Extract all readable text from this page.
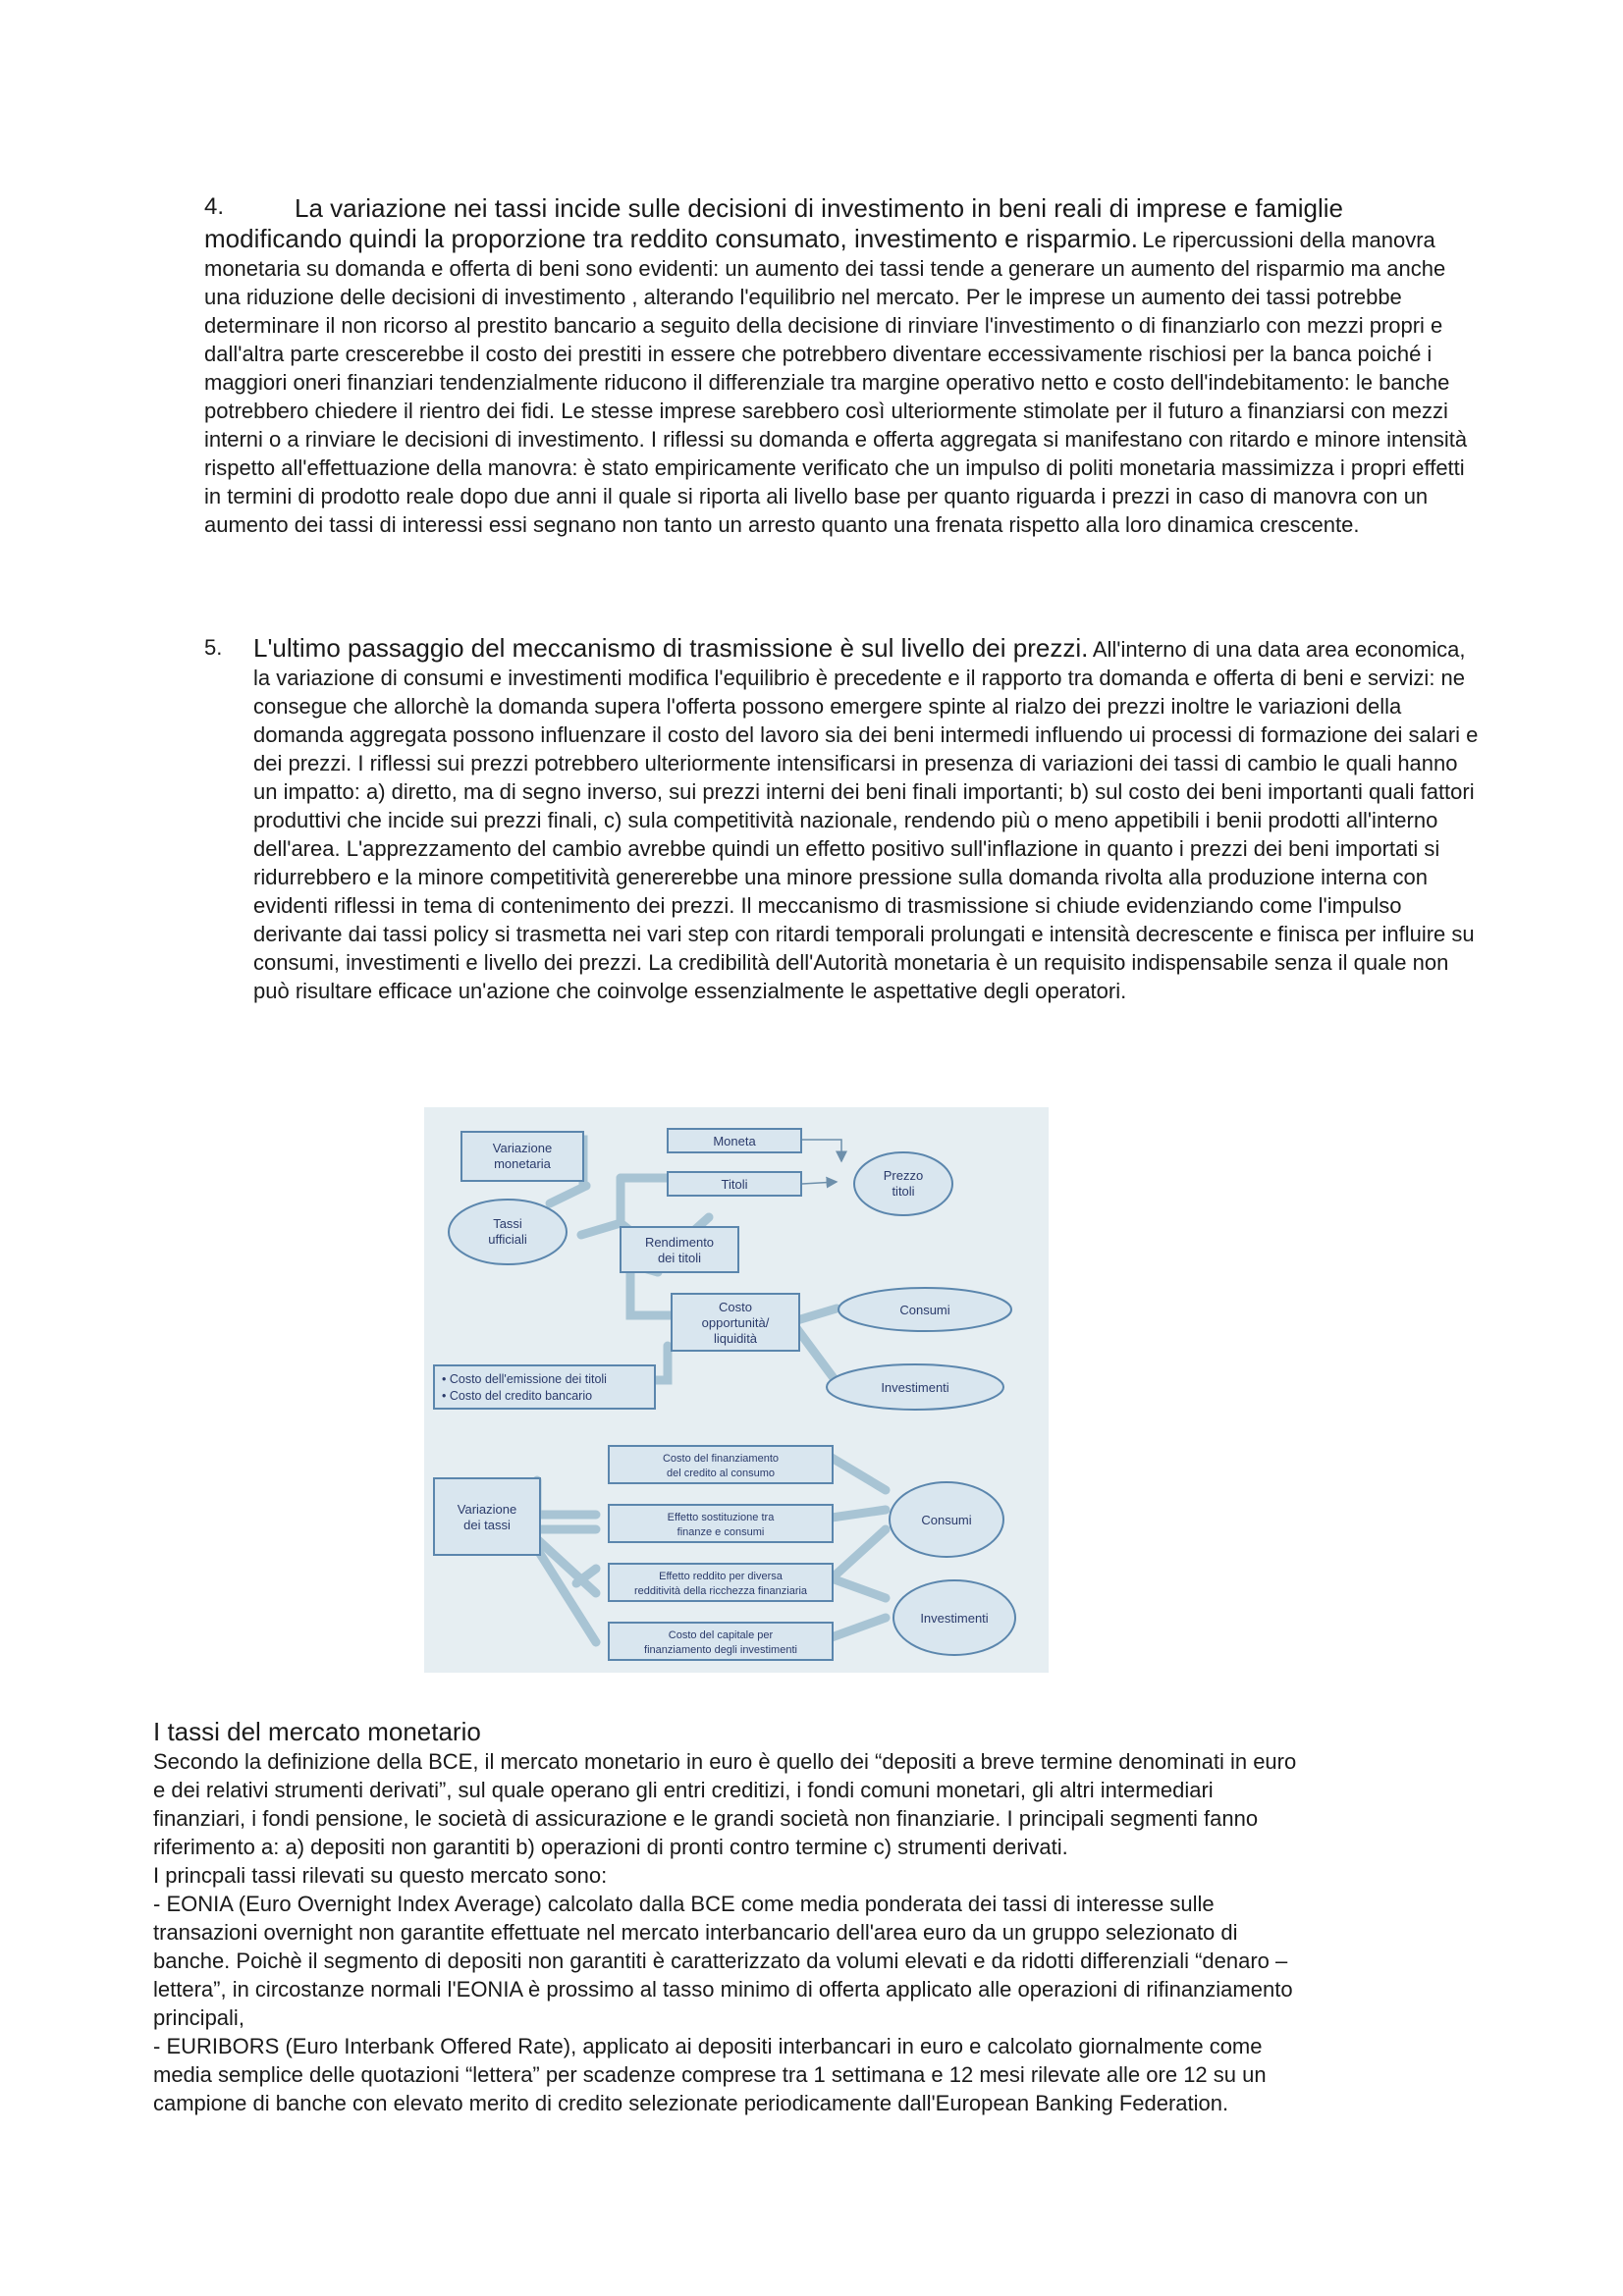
4.	La variazione nei tassi incide sulle decisioni di investimento in beni reali di imprese e famiglie modificando quindi la proporzione tra reddito consumato, investimento e risparmio. Le ripercussioni della manovra monetaria su domanda e offerta di beni sono evidenti: un aumento dei tassi tende a generare un aumento del risparmio ma anche una riduzione delle decisioni di investimento , alterando l'equilibrio nel mercato. Per le imprese un aumento dei tassi potrebbe determinare il non ricorso al prestito bancario a seguito della decisione di rinviare l'investimento o di finanziarlo con mezzi propri e dall'altra parte crescerebbe il costo dei prestiti in essere che potrebbero diventare eccessivamente rischiosi per la banca poiché i maggiori oneri finanziari tendenzialmente riducono il differenziale tra margine operativo netto e costo dell'indebitamento: le banche potrebbero chiedere il rientro dei fidi. Le stesse imprese sarebbero così ulteriormente stimolate per il futuro a finanziarsi con mezzi interni o a rinviare le decisioni di investimento. I riflessi su domanda e offerta aggregata si manifestano con ritardo e minore intensità rispetto all'effettuazione della manovra: è stato empiricamente verificato che un impulso di politi monetaria massimizza i propri effetti in termini di prodotto reale dopo due anni il quale si riporta ali livello base per quanto riguarda i prezzi in caso di manovra con un aumento dei tassi di interessi essi segnano non tanto un arresto quanto una frenata rispetto alla loro dinamica crescente.

5. L'ultimo passaggio del meccanismo di trasmissione è sul livello dei prezzi. All'interno di una data area economica, la variazione di consumi e investimenti modifica l'equilibrio è precedente e il rapporto tra domanda e offerta di beni e servizi: ne consegue che allorchè la domanda supera l'offerta possono emergere spinte al rialzo dei prezzi inoltre le variazioni della domanda aggregata possono influenzare il costo del lavoro sia dei beni intermedi influendo ui processi di formazione dei salari e dei prezzi. I riflessi sui prezzi potrebbero ulteriormente intensificarsi in presenza di variazioni dei tassi di cambio le quali hanno un impatto: a) diretto, ma di segno inverso, sui prezzi interni dei beni finali importanti; b) sul costo dei beni importanti quali fattori produttivi che incide sui prezzi finali, c) sula competitività nazionale, rendendo più o meno appetibili i benii prodotti all'interno dell'area. L'apprezzamento del cambio avrebbe quindi un effetto positivo sull'inflazione in quanto i prezzi dei beni importati si ridurrebbero e la minore competitività genererebbe una minore pressione sulla domanda rivolta alla produzione interna con evidenti riflessi in tema di contenimento dei prezzi. Il meccanismo di trasmissione si chiude evidenziando come l'impulso derivante dai tassi policy si trasmetta nei vari step con ritardi temporali prolungati e intensità decrescente e finisca per influire su consumi, investimenti e livello dei prezzi. La credibilità dell'Autorità monetaria è un requisito indispensabile senza il quale non può risultare efficace un'azione che coinvolge essenzialmente le aspettative degli operatori.

Variazione
monetaria
Moneta
Titoli
Prezzo
titoli
Tassi
ufficiali	Rendimento
dei titoli
Costo
opportunità/
liquidità
Consumi
Investimenti
• Costo dell'emissione dei titoli
• Costo del credito bancario
Variazione
dei tassi
Costo del finanziamento
del credito al consumo
Effetto sostituzione tra
finanze e consumi
Effetto reddito per diversa
redditività della ricchezza finanziaria
Costo del capitale per
finanziamento degli investimenti
Consumi
Investimenti
I tassi del mercato monetario
Secondo la definizione della BCE, il mercato monetario in euro è quello dei “depositi a breve termine denominati in euro
e dei relativi strumenti derivati”, sul quale operano gli entri creditizi, i fondi comuni monetari, gli altri intermediari
finanziari, i fondi pensione, le società di assicurazione e le grandi società non finanziarie. I principali segmenti fanno
riferimento a: a) depositi non garantiti b) operazioni di pronti contro termine c) strumenti derivati.
I princpali tassi rilevati su questo mercato sono:
- EONIA (Euro Overnight Index Average) calcolato dalla BCE come media ponderata dei tassi di interesse sulle
transazioni overnight non garantite effettuate nel mercato interbancario dell'area euro da un gruppo selezionato di
banche. Poichè il segmento di depositi non garantiti è caratterizzato da volumi elevati e da ridotti differenziali “denaro –
lettera”, in circostanze normali l'EONIA è prossimo al tasso minimo di offerta applicato alle operazioni di rifinanziamento
principali,
- EURIBORS (Euro Interbank Offered Rate), applicato ai depositi interbancari in euro e calcolato giornalmente come
media semplice delle quotazioni “lettera” per scadenze comprese tra 1 settimana e 12 mesi rilevate alle ore 12 su un
campione di banche con elevato merito di credito selezionate periodicamente dall'European Banking Federation.
